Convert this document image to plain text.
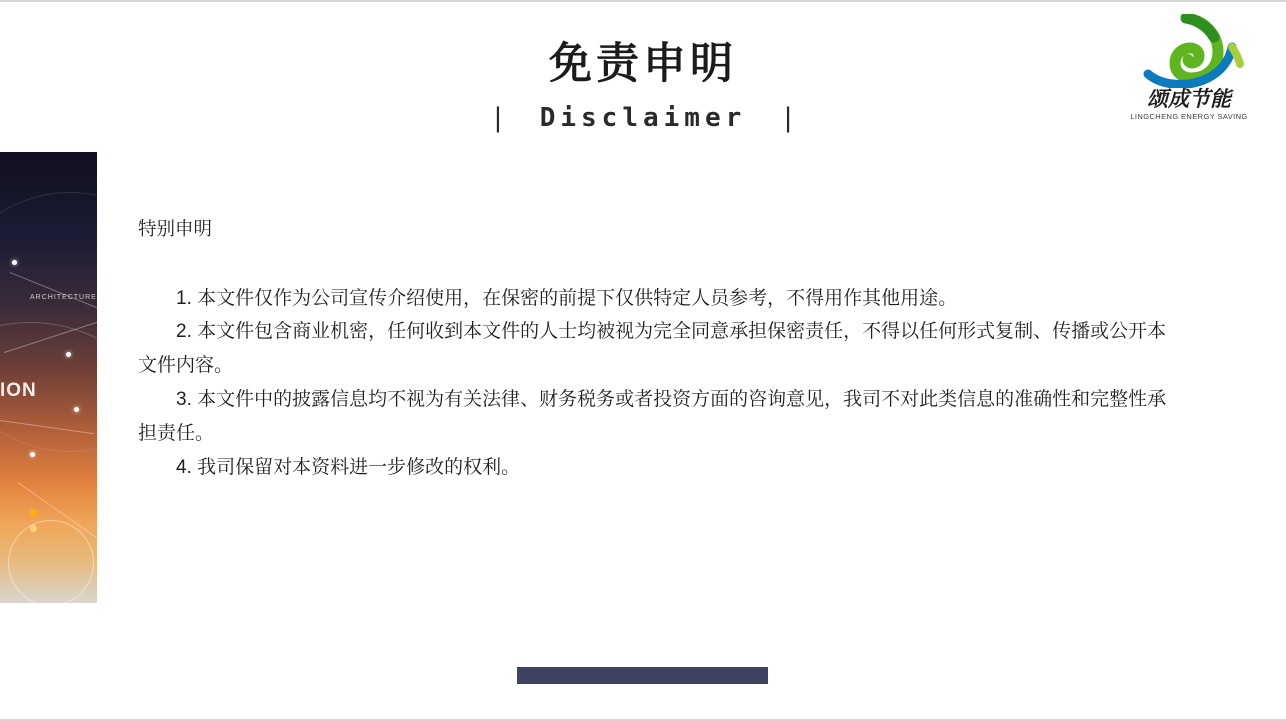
免责申明
| Disclaimer |
颂成节能
LINGCHENG ENERGY SAVING
ARCHITECTURE
ION
特别申明
1. 本文件仅作为公司宣传介绍使用，在保密的前提下仅供特定人员参考，不得用作其他用途。
2. 本文件包含商业机密，任何收到本文件的人士均被视为完全同意承担保密责任，不得以任何形式复制、传播或公开本文件内容。
3. 本文件中的披露信息均不视为有关法律、财务税务或者投资方面的咨询意见，我司不对此类信息的准确性和完整性承担责任。
4. 我司保留对本资料进一步修改的权利。
